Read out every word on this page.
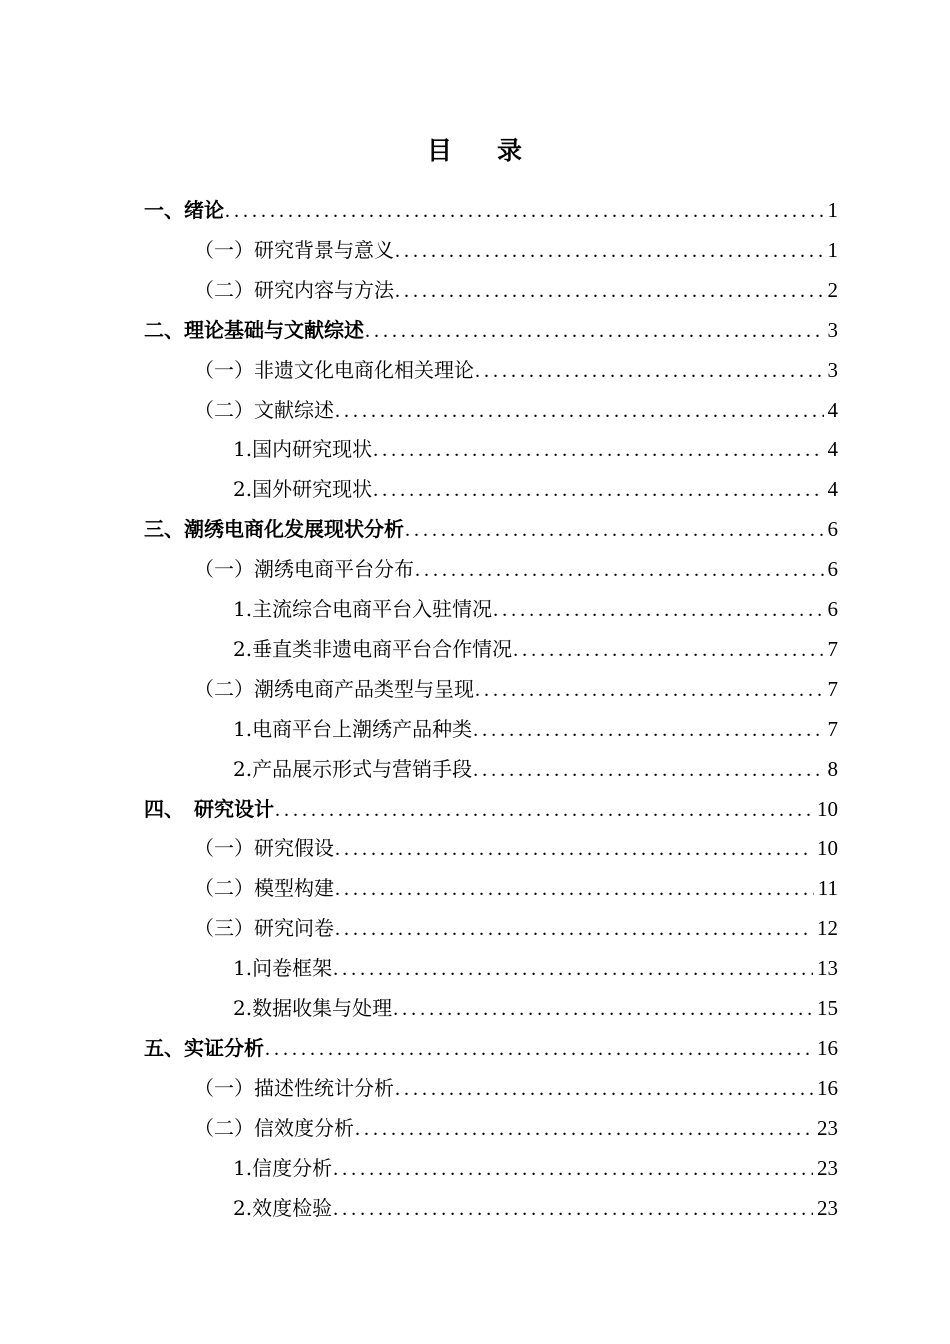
目 录
一、绪论 .....	1
（一）研究背景与意义 .....	1
（二）研究内容与方法 .....	2
二、理论基础与文献综述 .....	3
（一）非遗文化电商化相关理论 .....	3
（二）文献综述 .....	4
1.国内研究现状 .....	4
2.国外研究现状 .....	4
三、潮绣电商化发展现状分析 .....	6
（一）潮绣电商平台分布 .....	6
1.主流综合电商平台入驻情况 .....	6
2.垂直类非遗电商平台合作情况 .....	7
（二）潮绣电商产品类型与呈现 .....	7
1.电商平台上潮绣产品种类 .....	7
2.产品展示形式与营销手段 .....	8
四、　研究设计 .....	10
（一）研究假设 .....	10
（二）模型构建 .....	11
（三）研究问卷 .....	12
1.问卷框架 .....	13
2.数据收集与处理 .....	15
五、实证分析 .....	16
（一）描述性统计分析 .....	16
（二）信效度分析 .....	23
1.信度分析 .....	23
2.效度检验 .....	23
